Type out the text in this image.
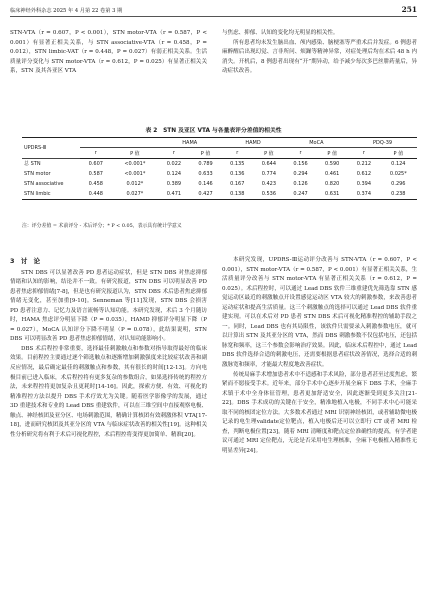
临床神经外科杂志 2025 年 4 月第 22 卷第 3 期	251

STN-VTA（r = 0.607，P < 0.001），STN motor-VTA（r = 0.587，P < 0.001）有显著正相关关系，与 STN associative-VTA（r = 0.458，P = 0.012），STN limbic-VAT（r = 0.448，P = 0.027）有弱正相关关系。生活质量评分变化与 STN motor-VTA（r = 0.612，P = 0.025）有显著正相关关系，STN 及其各亚区 VTA

与焦虑、抑郁、认知的变化均无明显的相关性。

所有患者均未发生脑出血、颅内感染、脑梗塞等严重术后并发症。6 例患者麻醉醒后出现幻觉、言非所问、烦躁等精神异常，对症处理后均在术后 48 h 内消失。开机后，8 例患者出现有“开”期异动，给予减少每次多巴丝肼药量后，异动症状改善。

表 2　STN 及亚区 VTA 与各量表评分差值的相关性
UPDRS-Ⅲ			HAMA		HAMD		MoCA		PDQ-39	
	r	P 值	r	P 值	r	P 值	r	P 值	r	P 值
总 STN	0.607	<0.001*	0.022	0.789	0.135	0.644	0.156	0.590	0.212	0.124
STN motor	0.587	<0.001*	0.124	0.633	0.136	0.774	0.294	0.461	0.612	0.025*
STN associative	0.458	0.012*	0.389	0.146	0.167	0.423	0.126	0.820	0.394	0.296
STN limbic	0.448	0.027*	0.471	0.427	0.138	0.536	0.247	0.631	0.374	0.238
注：评分差值 = 术前评分 - 术后评分；* P < 0.05，表示具有统计学意义
3　讨　论

STN DBS 可以显著改善 PD 患者运动症状，但是 STN DBS 对焦虑抑郁情绪和认知的影响，结论并不一致。有研究报道，STN DBS 可以明显改善 PD 患者焦虑抑郁情绪[7-8]，但是也有研究报道认为，STN DBS 术后患者焦虑抑郁情绪无变化，甚至加重[9-10]。Senneman 等[11]发现，STN DBS 会损害 PD 患者注意力、记忆力及语言流畅等认知功能。本研究发现，术后 3 个月随访时，HAMA 焦虑评分明显下降（P = 0.035），HAMD 抑郁评分明显下降（P = 0.027），MoCA 认知评分下降不明显（P = 0.078），此结果说明，STN DBS 可以明显改善 PD 患者焦虑抑郁情绪，对认知功能影响小。

DBS 术后程控非常重要，选择最佳刺激触点和参数对指导取得最好的临床效果。目前程控主要通过逐个筛选触点和逐渐增加刺激强度来比较症状改善和副反应情况，最后确定最佳的刺激触点和参数，其有很长的时间[12-13]。方向电极目前已进入临床，术后程控将有更多复杂的参数组合，如果选择传统的程控方法，未来程控将更加复杂且更耗时[14-16]。因此，探索方便、有效、可视化的精准程控方法以提升 DBS 手术疗效尤为关键。随着医学影像学的发展，通过 3D 重建技术和专业的 Lead DBS 重建软件，可以在三维空间中直接观察电极、触点、神经核团及亚分区、电场刺激范围，精确计算核团有效刺激体积 VTA[17-18]，进而研究核团及其亚分区的 VTA 与临床症状改善的相关性[19]。这种相关性分析研究将有利于术后可视化程控，术后程控将变得更加简单、精准[20]。

本研究发现，UPDRS-Ⅲ运动评分改善与 STN-VTA（r = 0.607，P < 0.001），STN motor-VTA（r = 0.587，P < 0.001）有显著正相关关系，生活质量评分改善与 STN motor-VTA 有显著正相关关系（r = 0.612，P = 0.025）。术后程控时，可以通过 Lead DBS 软件三维重建优先筛选靠 STN 感觉运动区最近的刺激触点开设置感觉运动区 VTA 较大的刺激参数，来改善患者运动症状和提高生活质量。这三个刺激触点的选择可以通过 Lead DBS 软件重建实现。可以在术后对 PD 患者 STN DBS 术后可视化精准程控的辅助手段之一。同时，Lead DBS 也有其局限性，该软件只需要录入刺激参数电压，就可以计算出 STN 及其亚分区的 VTA，然而 DBS 刺激参数不仅包括电压，还包括脉宽和频率，这三个参数会影响治疗效果。因此，临床术后程控中，通过 Lead DBS 软件选择合适的刺激电压，还需要根据患者症状改善情况，选择合适的刺激脉宽和频率，才能最大程度地改善症状。

传统局麻手术增加患者术中不适感和手术风险，部分患者甚至过度焦虑，繁紧而不愿接受手术。近年来，部分手术中心逐步开展全麻下 DBS 手术，全麻手术镇于术中全身体征管理，患者更加舒适安全，因此逐渐受到更多关注[21-22]。DBS 手术成功的关键在于安全，精准地植入电极，不同手术中心可能采取不同的核团定位方法。大多数术者通过 MRI 识别神经核团，或者辅助微电极记录的电生理validate定位靶点，植入电极后还可以立即行 CT 或者 MRI 检查，判断电极位置[23]。随着 MRI 清晰度和靶点定位准确性的提高，有学者建议可通过 MRI 定位靶点，无论是否采用电生理核准，全麻下电极植入精准性无明显差异[24]。
